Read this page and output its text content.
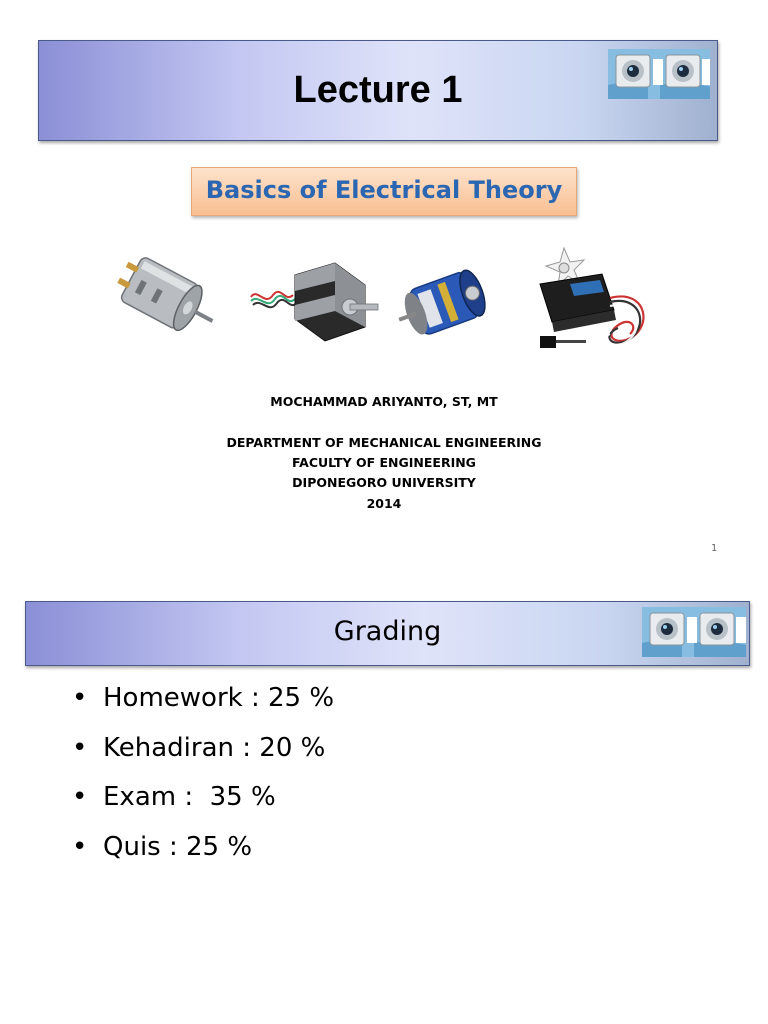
Lecture 1
Basics of Electrical Theory
MOCHAMMAD ARIYANTO, ST, MT
DEPARTMENT OF MECHANICAL ENGINEERING
FACULTY OF ENGINEERING
DIPONEGORO UNIVERSITY
2014
1
Grading

•

Homework : 25 %

•

Kehadiran : 20 %

•

Exam :  35 %

•

Quis : 25 %
